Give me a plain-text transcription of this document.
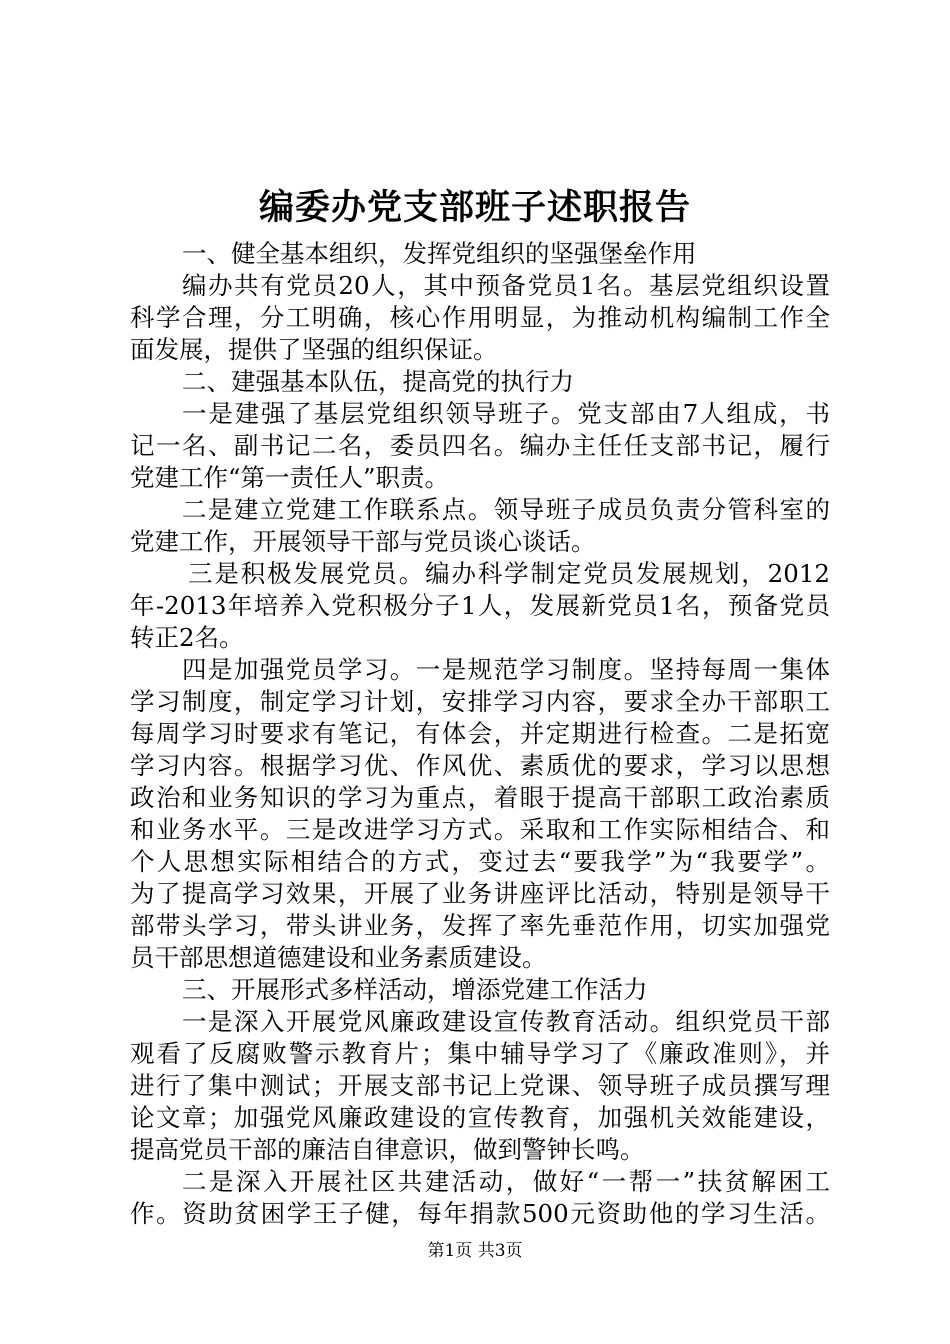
编委办党支部班子述职报告
一、健全基本组织，发挥党组织的坚强堡垒作用
编办共有党员20人，其中预备党员1名。基层党组织设置
科学合理，分工明确，核心作用明显，为推动机构编制工作全
面发展，提供了坚强的组织保证。
二、建强基本队伍，提高党的执行力
一是建强了基层党组织领导班子。党支部由7人组成，书
记一名、副书记二名，委员四名。编办主任任支部书记，履行
党建工作“第一责任人”职责。
二是建立党建工作联系点。领导班子成员负责分管科室的
党建工作，开展领导干部与党员谈心谈话。
三是积极发展党员。编办科学制定党员发展规划，2012
年-2013年培养入党积极分子1人，发展新党员1名，预备党员
转正2名。
四是加强党员学习。一是规范学习制度。坚持每周一集体
学习制度，制定学习计划，安排学习内容，要求全办干部职工
每周学习时要求有笔记，有体会，并定期进行检查。二是拓宽
学习内容。根据学习优、作风优、素质优的要求，学习以思想
政治和业务知识的学习为重点，着眼于提高干部职工政治素质
和业务水平。三是改进学习方式。采取和工作实际相结合、和
个人思想实际相结合的方式，变过去“要我学”为“我要学”。
为了提高学习效果，开展了业务讲座评比活动，特别是领导干
部带头学习，带头讲业务，发挥了率先垂范作用，切实加强党
员干部思想道德建设和业务素质建设。
三、开展形式多样活动，增添党建工作活力
一是深入开展党风廉政建设宣传教育活动。组织党员干部
观看了反腐败警示教育片；集中辅导学习了《廉政准则》，并
进行了集中测试；开展支部书记上党课、领导班子成员撰写理
论文章；加强党风廉政建设的宣传教育，加强机关效能建设，
提高党员干部的廉洁自律意识，做到警钟长鸣。
二是深入开展社区共建活动，做好“一帮一”扶贫解困工
作。资助贫困学王子健，每年捐款500元资助他的学习生活。
第1页 共3页
